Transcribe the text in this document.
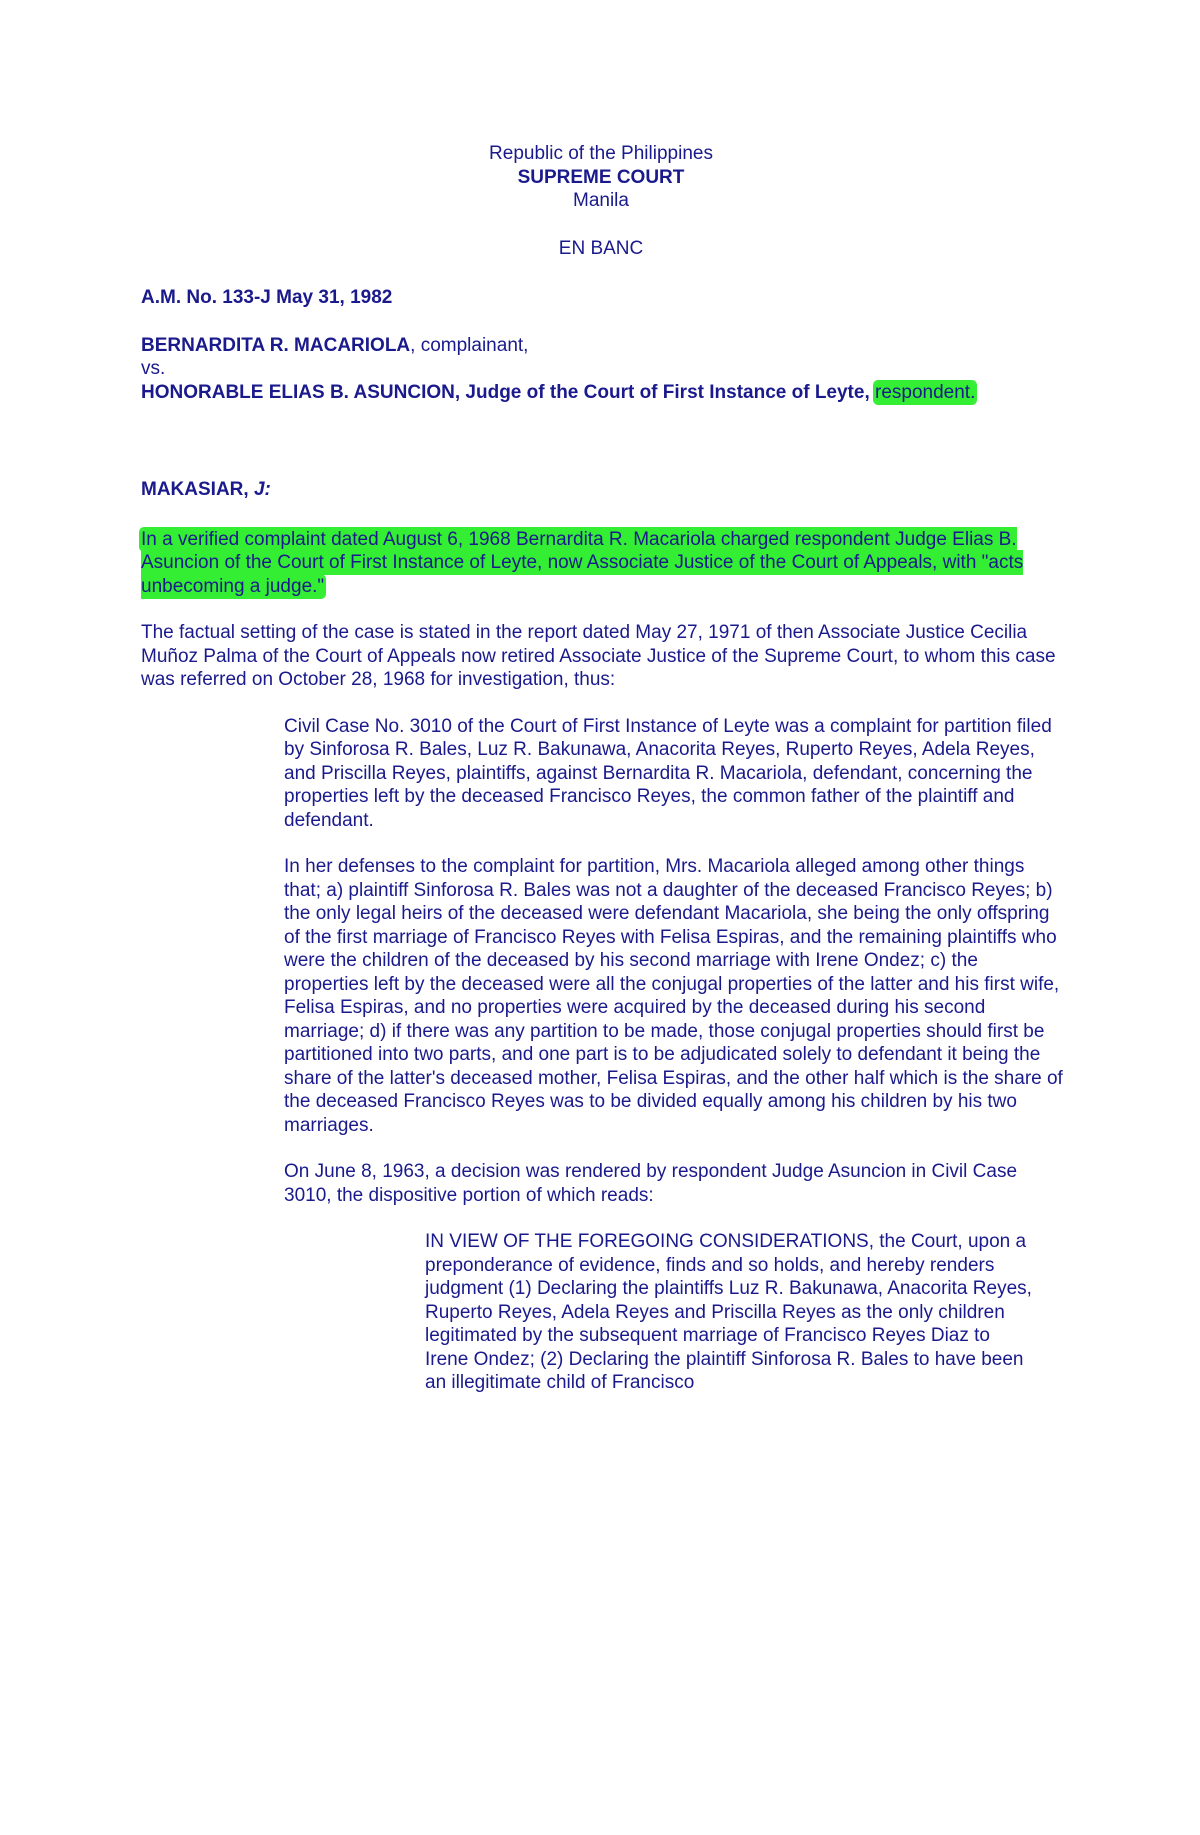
Republic of the Philippines

SUPREME COURT

Manila

EN BANC

A.M. No. 133-J May 31, 1982

BERNARDITA R. MACARIOLA, complainant,

vs.

HONORABLE ELIAS B. ASUNCION, Judge of the Court of First Instance of Leyte, respondent.

MAKASIAR, J:

In a verified complaint dated August 6, 1968 Bernardita R. Macariola charged respondent Judge Elias B. Asuncion of the Court of First Instance of Leyte, now Associate Justice of the Court of Appeals, with "acts unbecoming a judge."

The factual setting of the case is stated in the report dated May 27, 1971 of then Associate Justice Cecilia Muñoz Palma of the Court of Appeals now retired Associate Justice of the Supreme Court, to whom this case was referred on October 28, 1968 for investigation, thus:

Civil Case No. 3010 of the Court of First Instance of Leyte was a complaint for partition filed by Sinforosa R. Bales, Luz R. Bakunawa, Anacorita Reyes, Ruperto Reyes, Adela Reyes, and Priscilla Reyes, plaintiffs, against Bernardita R. Macariola, defendant, concerning the properties left by the deceased Francisco Reyes, the common father of the plaintiff and defendant.

In her defenses to the complaint for partition, Mrs. Macariola alleged among other things that; a) plaintiff Sinforosa R. Bales was not a daughter of the deceased Francisco Reyes; b) the only legal heirs of the deceased were defendant Macariola, she being the only offspring of the first marriage of Francisco Reyes with Felisa Espiras, and the remaining plaintiffs who were the children of the deceased by his second marriage with Irene Ondez; c) the properties left by the deceased were all the conjugal properties of the latter and his first wife, Felisa Espiras, and no properties were acquired by the deceased during his second marriage; d) if there was any partition to be made, those conjugal properties should first be partitioned into two parts, and one part is to be adjudicated solely to defendant it being the share of the latter's deceased mother, Felisa Espiras, and the other half which is the share of the deceased Francisco Reyes was to be divided equally among his children by his two marriages.

On June 8, 1963, a decision was rendered by respondent Judge Asuncion in Civil Case 3010, the dispositive portion of which reads:

IN VIEW OF THE FOREGOING CONSIDERATIONS, the Court, upon a preponderance of evidence, finds and so holds, and hereby renders judgment (1) Declaring the plaintiffs Luz R. Bakunawa, Anacorita Reyes, Ruperto Reyes, Adela Reyes and Priscilla Reyes as the only children legitimated by the subsequent marriage of Francisco Reyes Diaz to Irene Ondez; (2) Declaring the plaintiff Sinforosa R. Bales to have been an illegitimate child of Francisco
